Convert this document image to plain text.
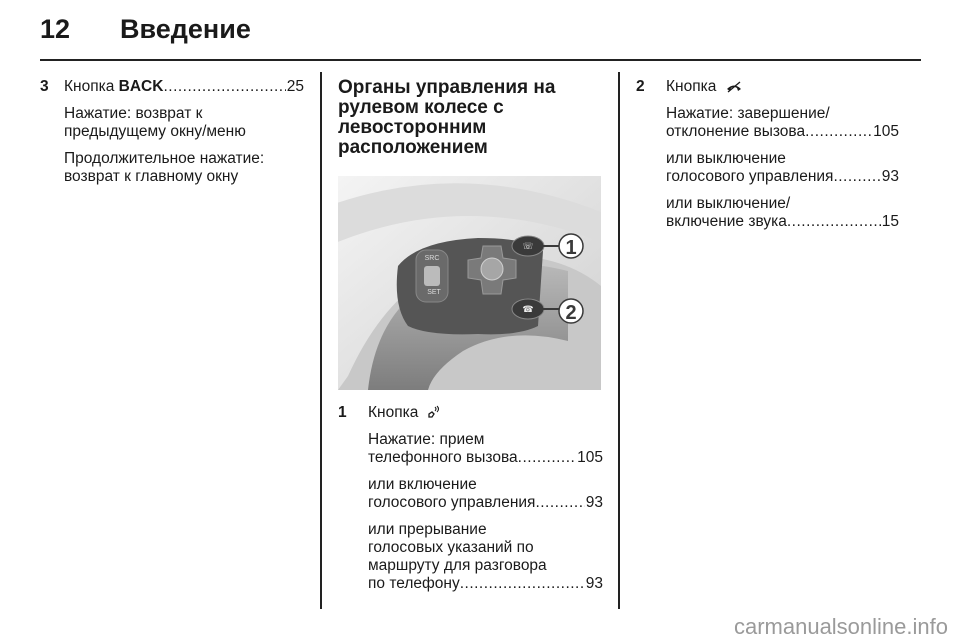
12 Введение
3 Кнопка
BACK .....	25
Нажатие: возврат к предыдущему окну/меню
Продолжительное нажатие: возврат к главному окну
Органы управления на
рулевом колесе с
левосторонним
расположением
SRC
SET
☏
☎
1
2
1 Кнопка
Нажатие: прием
телефонного вызова .....	105
или включение
голосового управления .....	93
или прерывание
голосовых указаний по
маршруту для разговора
по телефону .....	93
2 Кнопка
Нажатие: завершение/
отклонение вызова .....	105
или выключение
голосового управления .....	93
или выключение/
включение звука .....	15
carmanualsonline.info
